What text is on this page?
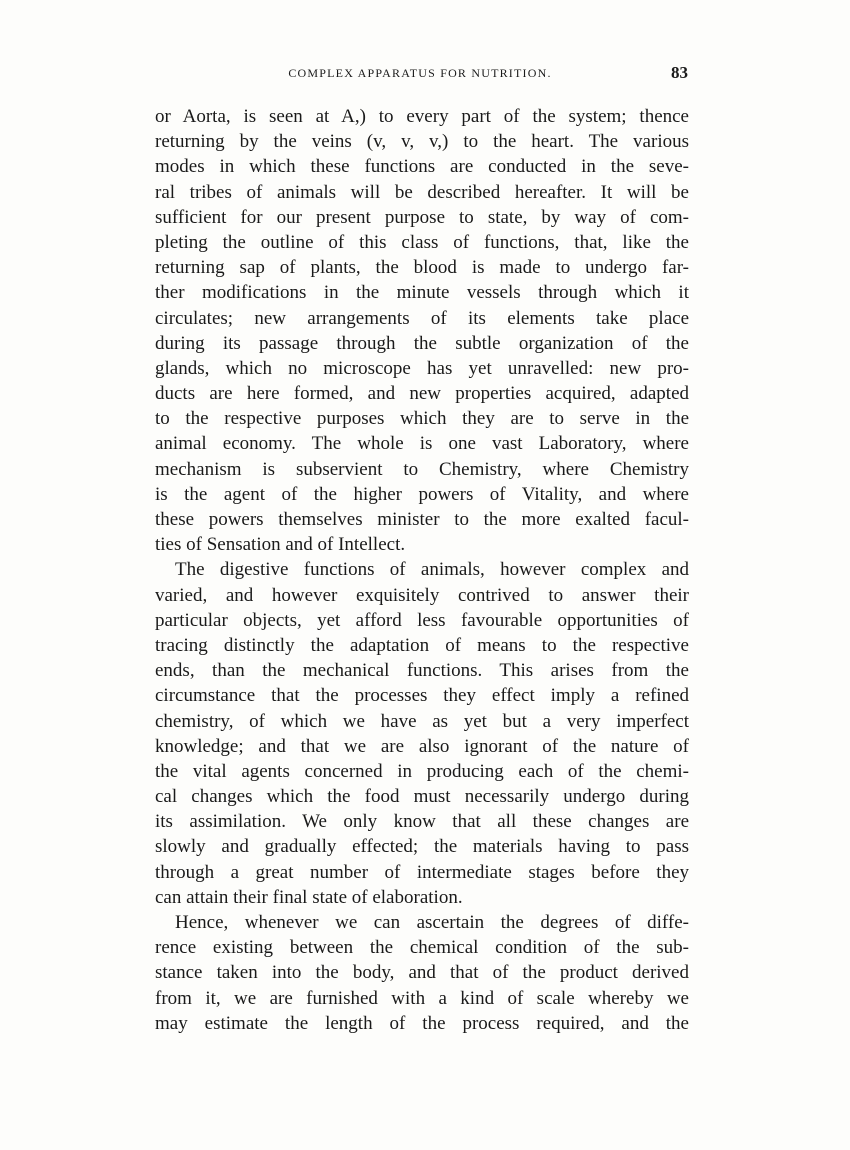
COMPLEX APPARATUS FOR NUTRITION.	83
or Aorta, is seen at A,) to every part of the system; thence
returning by the veins (v, v, v,) to the heart. The various
modes in which these functions are conducted in the seve-
ral tribes of animals will be described hereafter. It will be
sufficient for our present purpose to state, by way of com-
pleting the outline of this class of functions, that, like the
returning sap of plants, the blood is made to undergo far-
ther modifications in the minute vessels through which it
circulates; new arrangements of its elements take place
during its passage through the subtle organization of the
glands, which no microscope has yet unravelled: new pro-
ducts are here formed, and new properties acquired, adapted
to the respective purposes which they are to serve in the
animal economy. The whole is one vast Laboratory, where
mechanism is subservient to Chemistry, where Chemistry
is the agent of the higher powers of Vitality, and where
these powers themselves minister to the more exalted facul-
ties of Sensation and of Intellect.
The digestive functions of animals, however complex and
varied, and however exquisitely contrived to answer their
particular objects, yet afford less favourable opportunities of
tracing distinctly the adaptation of means to the respective
ends, than the mechanical functions. This arises from the
circumstance that the processes they effect imply a refined
chemistry, of which we have as yet but a very imperfect
knowledge; and that we are also ignorant of the nature of
the vital agents concerned in producing each of the chemi-
cal changes which the food must necessarily undergo during
its assimilation. We only know that all these changes are
slowly and gradually effected; the materials having to pass
through a great number of intermediate stages before they
can attain their final state of elaboration.
Hence, whenever we can ascertain the degrees of diffe-
rence existing between the chemical condition of the sub-
stance taken into the body, and that of the product derived
from it, we are furnished with a kind of scale whereby we
may estimate the length of the process required, and the
